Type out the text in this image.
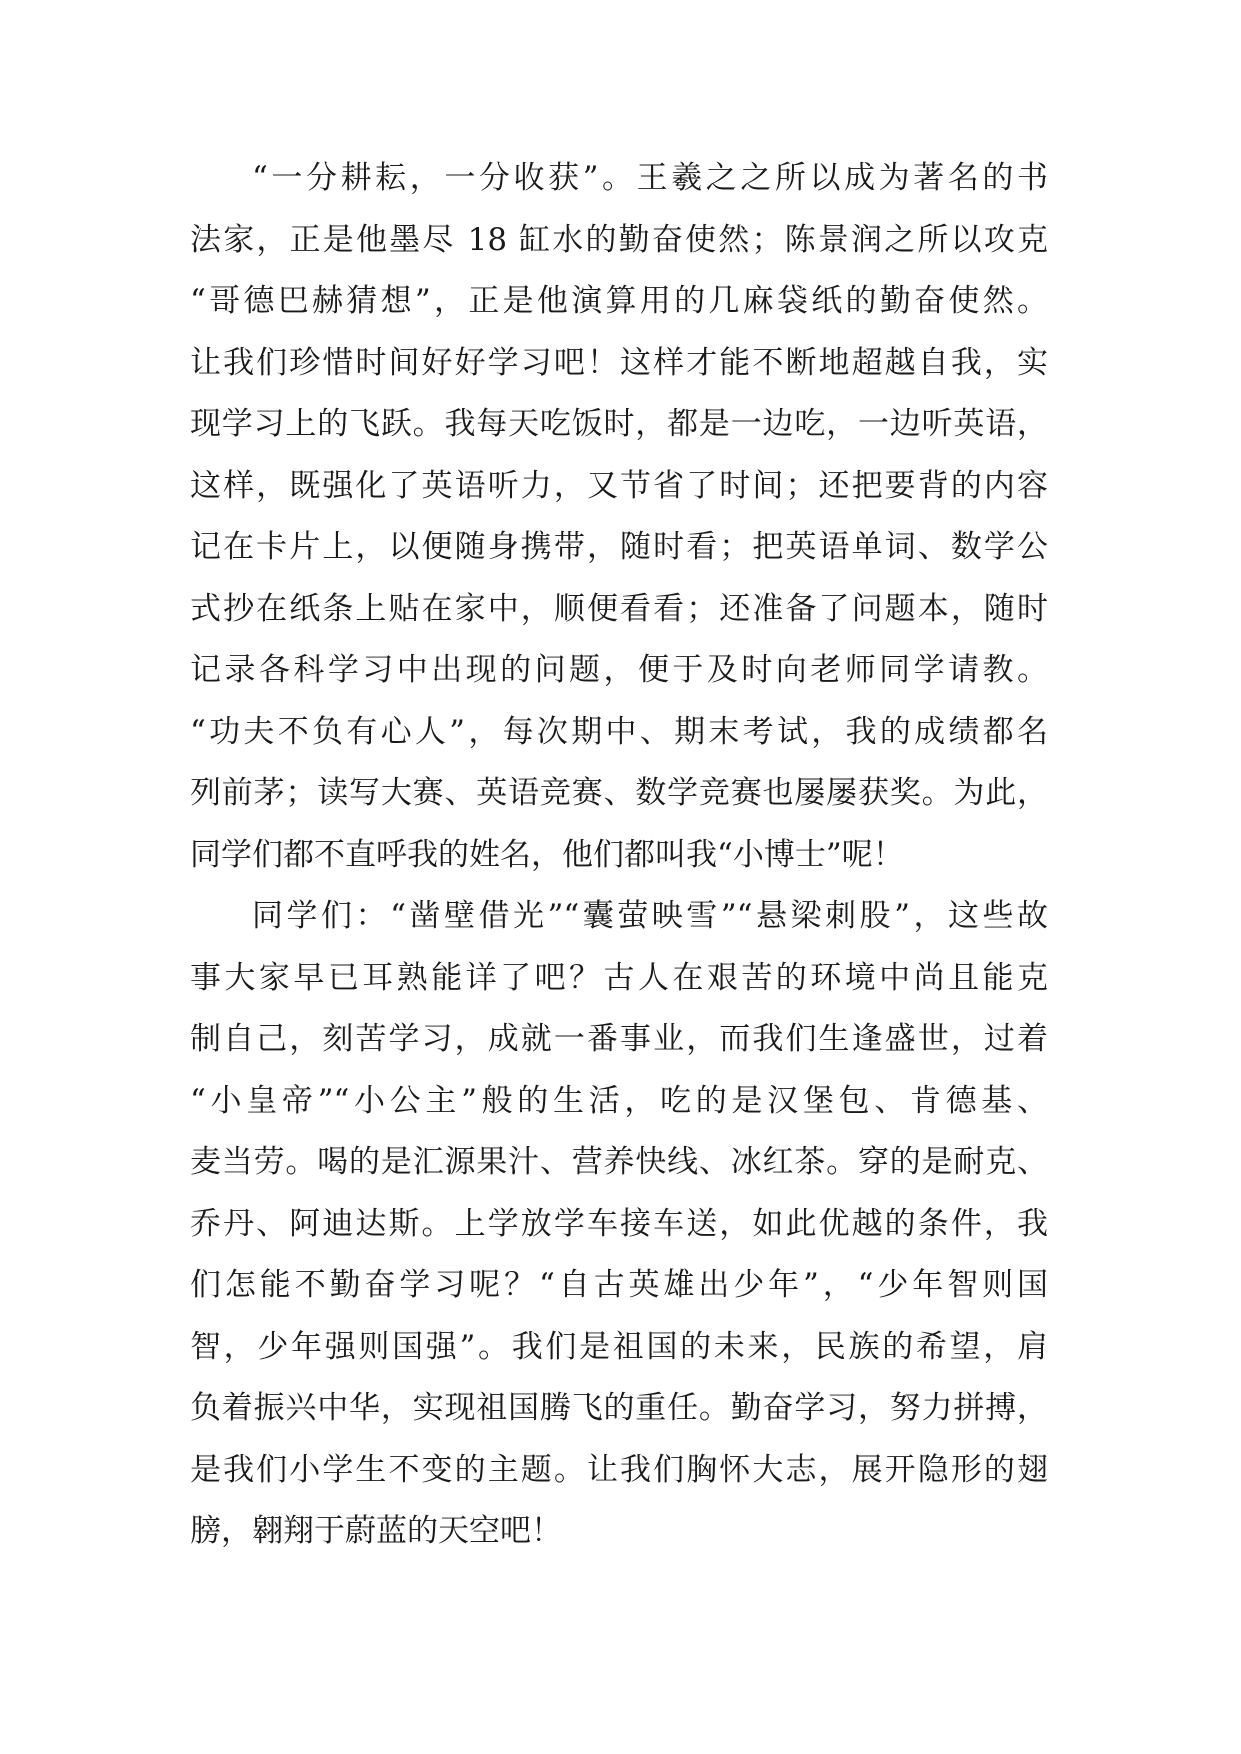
“一分耕耘，一分收获”。王羲之之所以成为著名的书
法家，正是他墨尽 18 缸水的勤奋使然；陈景润之所以攻克
“哥德巴赫猜想”，正是他演算用的几麻袋纸的勤奋使然。
让我们珍惜时间好好学习吧！这样才能不断地超越自我，实
现学习上的飞跃。我每天吃饭时，都是一边吃，一边听英语，
这样，既强化了英语听力，又节省了时间；还把要背的内容
记在卡片上，以便随身携带，随时看；把英语单词、数学公
式抄在纸条上贴在家中，顺便看看；还准备了问题本，随时
记录各科学习中出现的问题，便于及时向老师同学请教。
“功夫不负有心人”，每次期中、期末考试，我的成绩都名
列前茅；读写大赛、英语竞赛、数学竞赛也屡屡获奖。为此，
同学们都不直呼我的姓名，他们都叫我“小博士”呢！

同学们：“凿壁借光”“囊萤映雪”“悬梁刺股”，这些故
事大家早已耳熟能详了吧？古人在艰苦的环境中尚且能克
制自己，刻苦学习，成就一番事业，而我们生逢盛世，过着
“小皇帝”“小公主”般的生活，吃的是汉堡包、肯德基、
麦当劳。喝的是汇源果汁、营养快线、冰红茶。穿的是耐克、
乔丹、阿迪达斯。上学放学车接车送，如此优越的条件，我
们怎能不勤奋学习呢？“自古英雄出少年”，“少年智则国
智，少年强则国强”。我们是祖国的未来，民族的希望，肩
负着振兴中华，实现祖国腾飞的重任。勤奋学习，努力拼搏，
是我们小学生不变的主题。让我们胸怀大志，展开隐形的翅
膀，翱翔于蔚蓝的天空吧！
